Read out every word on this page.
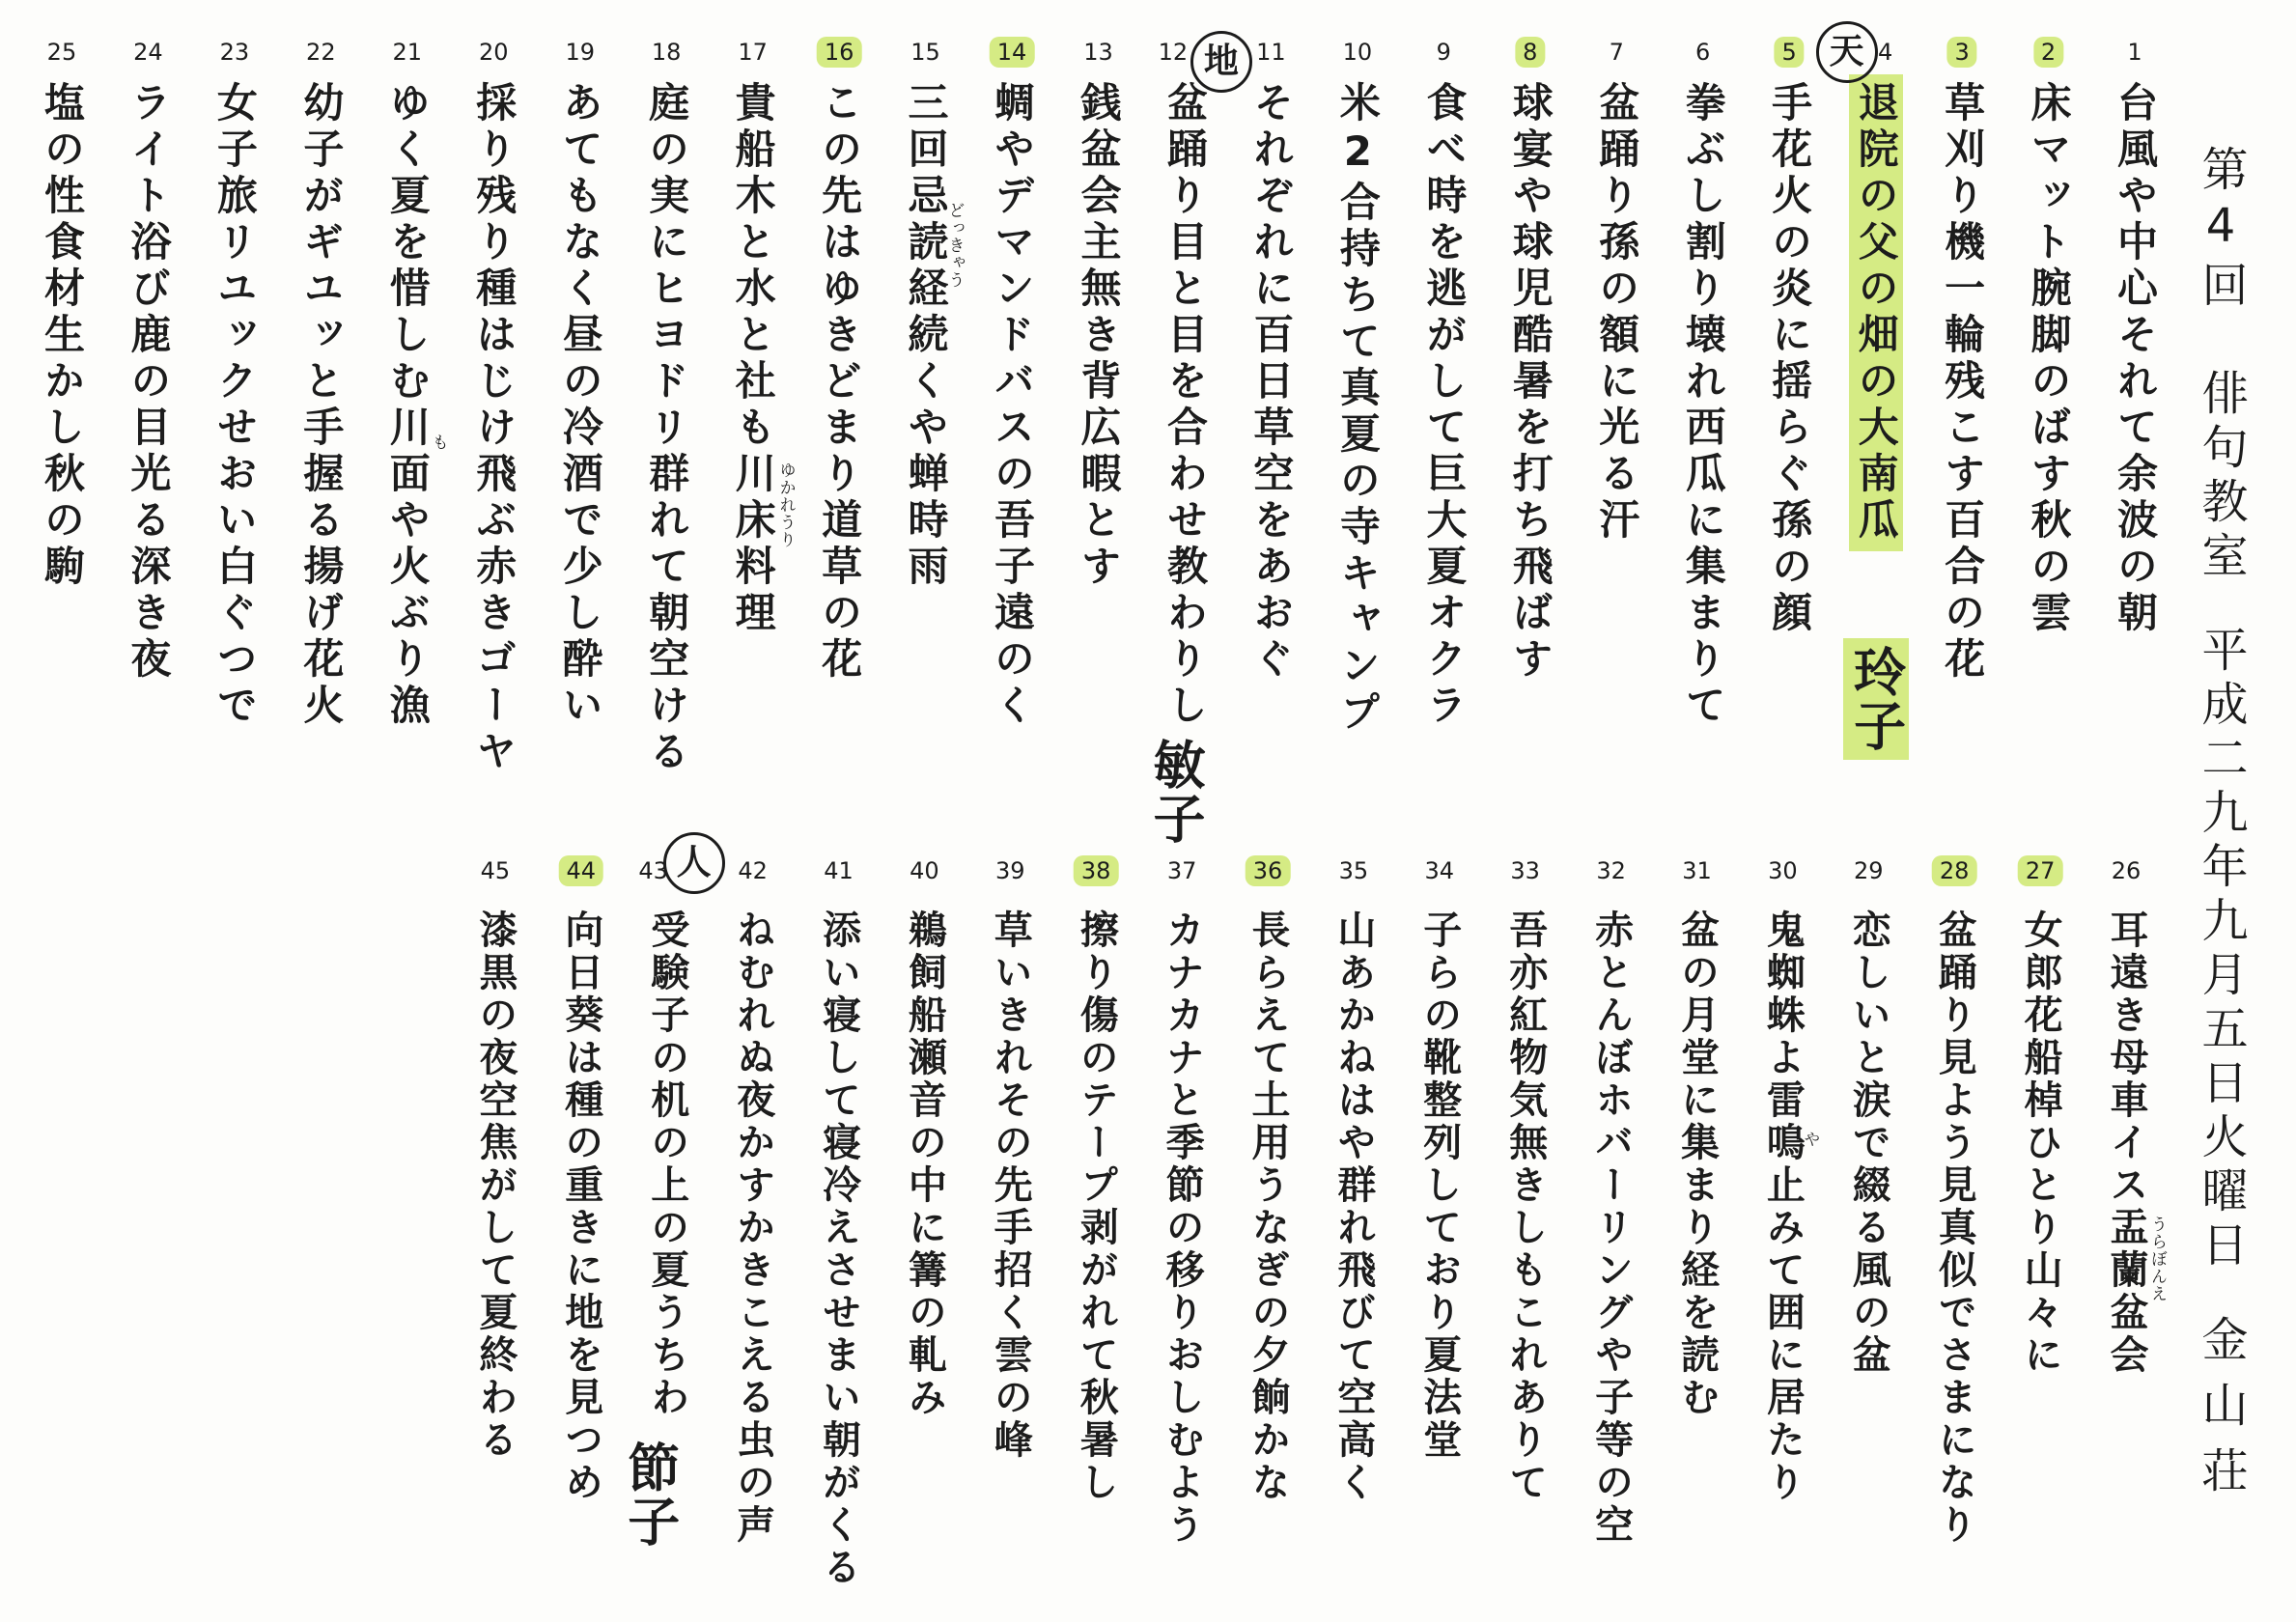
第4回
俳句教室
平成二九年九月五日火曜日
金山荘
1
台風や中心それて余波の朝
2
床マット腕脚のばす秋の雲
3
草刈り機一輪残こす百合の花
4
退院の父の畑の大南瓜
天
玲子
5
手花火の炎に揺らぐ孫の顔
6
拳ぶし割り壊れ西瓜に集まりて
7
盆踊り孫の額に光る汗
8
球宴や球児酷暑を打ち飛ばす
9
食べ時を逃がして巨大夏オクラ
10
米2合持ちて真夏の寺キャンプ
11
それぞれに百日草空をあおぐ
12
盆踊り目と目を合わせ教わりし
地
敏子
13
銭盆会主無き背広暇とす
14
蜩やデマンドバスの吾子遠のく
15
三回忌読経続くや蝉時雨
どっきゃう
16
この先はゆきどまり道草の花
17
貴船木と水と社も川床料理 ゆかれうり
18
庭の実にヒヨドリ群れて朝空ける
19
あてもなく昼の冷酒で少し酔い
20
採り残り種はじけ飛ぶ赤きゴーヤ
21
ゆく夏を惜しむ川面や火ぶり漁
も
22
幼子がギユッと手握る揚げ花火
23
女子旅リユックせおい白ぐつで
24
ライト浴び鹿の目光る深き夜
25
塩の性食材生かし秋の駒
26
耳遠き母車イス盂蘭盆会 うらぼんえ
27
女郎花船棹ひとり山々に
28
盆踊り見よう見真似でさまになり
29
恋しいと涙で綴る風の盆
30
鬼蜘蛛よ雷鳴止みて囲に居たり
や
31
盆の月堂に集まり経を読む
32
赤とんぼホバーリングや子等の空
33
吾亦紅物気無きしもこれありて
34
子らの靴整列しており夏法堂
35
山あかねはや群れ飛びて空高く
36
長らえて土用うなぎの夕餉かな
37
カナカナと季節の移りおしむよう
38
擦り傷のテープ剥がれて秋暑し
39
草いきれその先手招く雲の峰
40
鵜飼船瀬音の中に篝の軋み
41
添い寝して寝冷えさせまい朝がくる
42
ねむれぬ夜かすかきこえる虫の声
43
受験子の机の上の夏うちわ
人
節子
44
向日葵は種の重きに地を見つめ
45
漆黒の夜空焦がして夏終わる
